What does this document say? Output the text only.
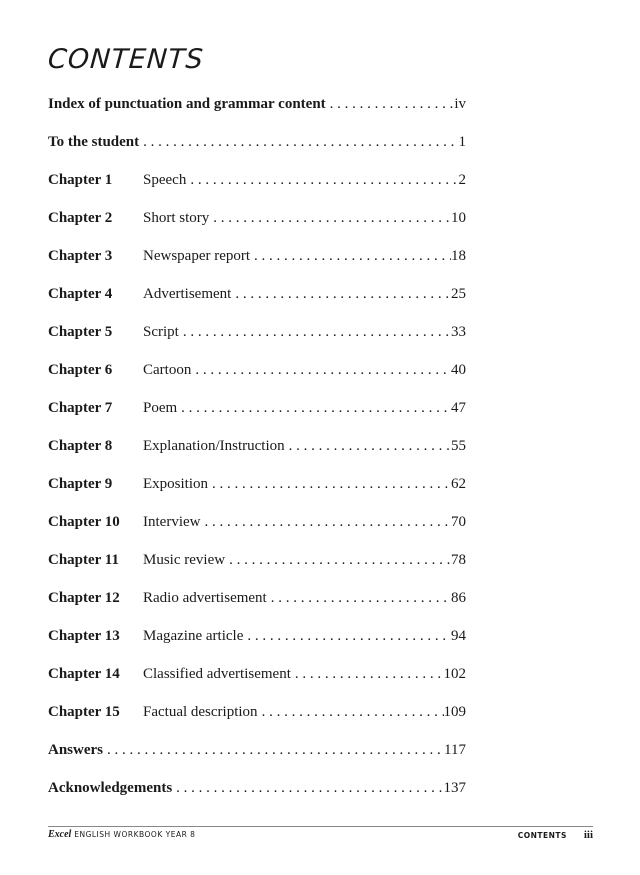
CONTENTS
Index of punctuation and grammar content . . .	iv
To the student . . .	1
Chapter 1	Speech . . .	2
Chapter 2	Short story . . .	10
Chapter 3	Newspaper report . . .	18
Chapter 4	Advertisement . . .	25
Chapter 5	Script . . .	33
Chapter 6	Cartoon . . .	40
Chapter 7	Poem . . .	47
Chapter 8	Explanation/Instruction . . .	55
Chapter 9	Exposition . . .	62
Chapter 10	Interview . . .	70
Chapter 11	Music review . . .	78
Chapter 12	Radio advertisement . . .	86
Chapter 13	Magazine article . . .	94
Chapter 14	Classified advertisement . . .	102
Chapter 15	Factual description . . .	109
Answers . . .	117
Acknowledgements . . .	137
Excel ENGLISH WORKBOOK YEAR 8	CONTENTS iii
